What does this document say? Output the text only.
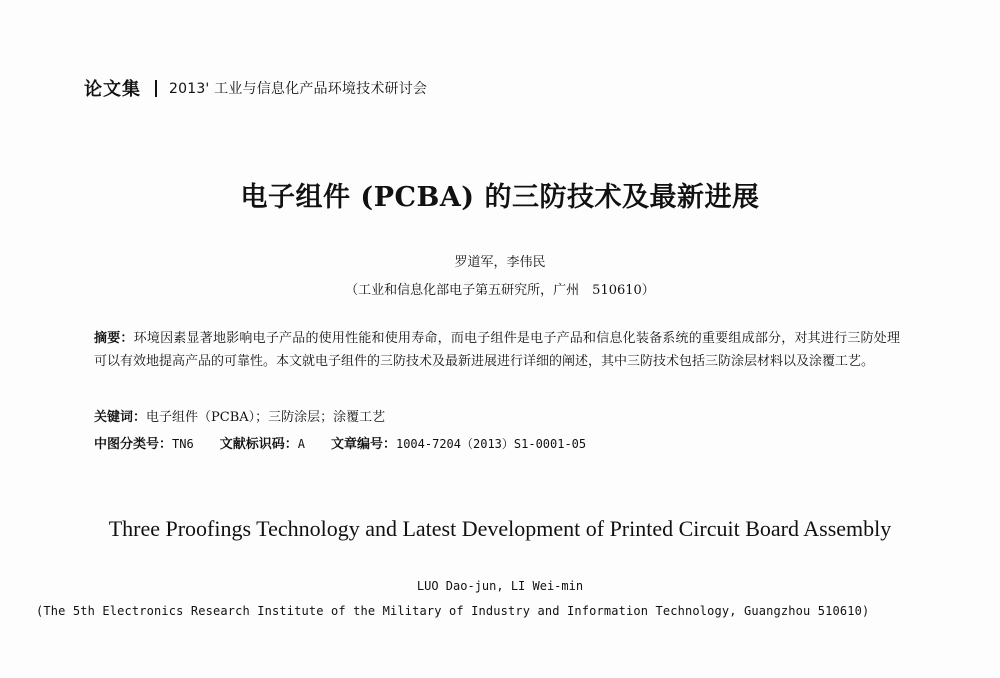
论文集 2013' 工业与信息化产品环境技术研讨会
电子组件 (PCBA) 的三防技术及最新进展
罗道军，李伟民
（工业和信息化部电子第五研究所，广州　510610）
摘要：环境因素显著地影响电子产品的使用性能和使用寿命，而电子组件是电子产品和信息化装备系统的重要组成部分，对其进行三防处理可以有效地提高产品的可靠性。本文就电子组件的三防技术及最新进展进行详细的阐述，其中三防技术包括三防涂层材料以及涂覆工艺。
关键词：电子组件（PCBA）；三防涂层；涂覆工艺
中图分类号：TN6 文献标识码：A 文章编号：1004-7204（2013）S1-0001-05
Three Proofings Technology and Latest Development of Printed Circuit Board Assembly
LUO Dao-jun, LI Wei-min
(The 5th Electronics Research Institute of the Military of Industry and Information Technology, Guangzhou 510610)
